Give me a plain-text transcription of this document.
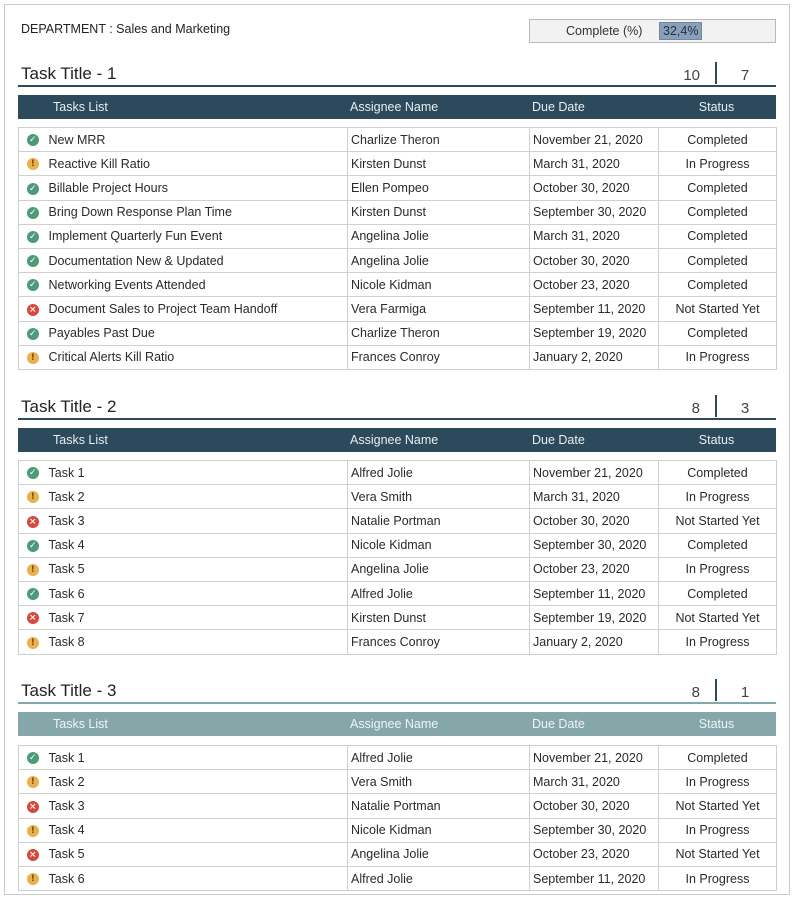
DEPARTMENT : Sales and Marketing	Complete (%)	32,4%
Task Title - 1	10	7
Tasks List	Assignee Name	Due Date	Status
✓	New MRR	Charlize Theron	November 21, 2020	Completed
!	Reactive Kill Ratio	Kirsten Dunst	March 31, 2020	In Progress
✓	Billable Project Hours	Ellen Pompeo	October 30, 2020	Completed
✓	Bring Down Response Plan Time	Kirsten Dunst	September 30, 2020	Completed
✓	Implement Quarterly Fun Event	Angelina Jolie	March 31, 2020	Completed
✓	Documentation New & Updated	Angelina Jolie	October 30, 2020	Completed
✓	Networking Events Attended	Nicole Kidman	October 23, 2020	Completed
×	Document Sales to Project Team Handoff	Vera Farmiga	September 11, 2020	Not Started Yet
✓	Payables Past Due	Charlize Theron	September 19, 2020	Completed
!	Critical Alerts Kill Ratio	Frances Conroy	January 2, 2020	In Progress
Task Title - 2	8	3
Tasks List	Assignee Name	Due Date	Status
✓	Task 1	Alfred Jolie	November 21, 2020	Completed
!	Task 2	Vera Smith	March 31, 2020	In Progress
×	Task 3	Natalie Portman	October 30, 2020	Not Started Yet
✓	Task 4	Nicole Kidman	September 30, 2020	Completed
!	Task 5	Angelina Jolie	October 23, 2020	In Progress
✓	Task 6	Alfred Jolie	September 11, 2020	Completed
×	Task 7	Kirsten Dunst	September 19, 2020	Not Started Yet
!	Task 8	Frances Conroy	January 2, 2020	In Progress
Task Title - 3	8	1
Tasks List	Assignee Name	Due Date	Status
✓	Task 1	Alfred Jolie	November 21, 2020	Completed
!	Task 2	Vera Smith	March 31, 2020	In Progress
×	Task 3	Natalie Portman	October 30, 2020	Not Started Yet
!	Task 4	Nicole Kidman	September 30, 2020	In Progress
×	Task 5	Angelina Jolie	October 23, 2020	Not Started Yet
!	Task 6	Alfred Jolie	September 11, 2020	In Progress
